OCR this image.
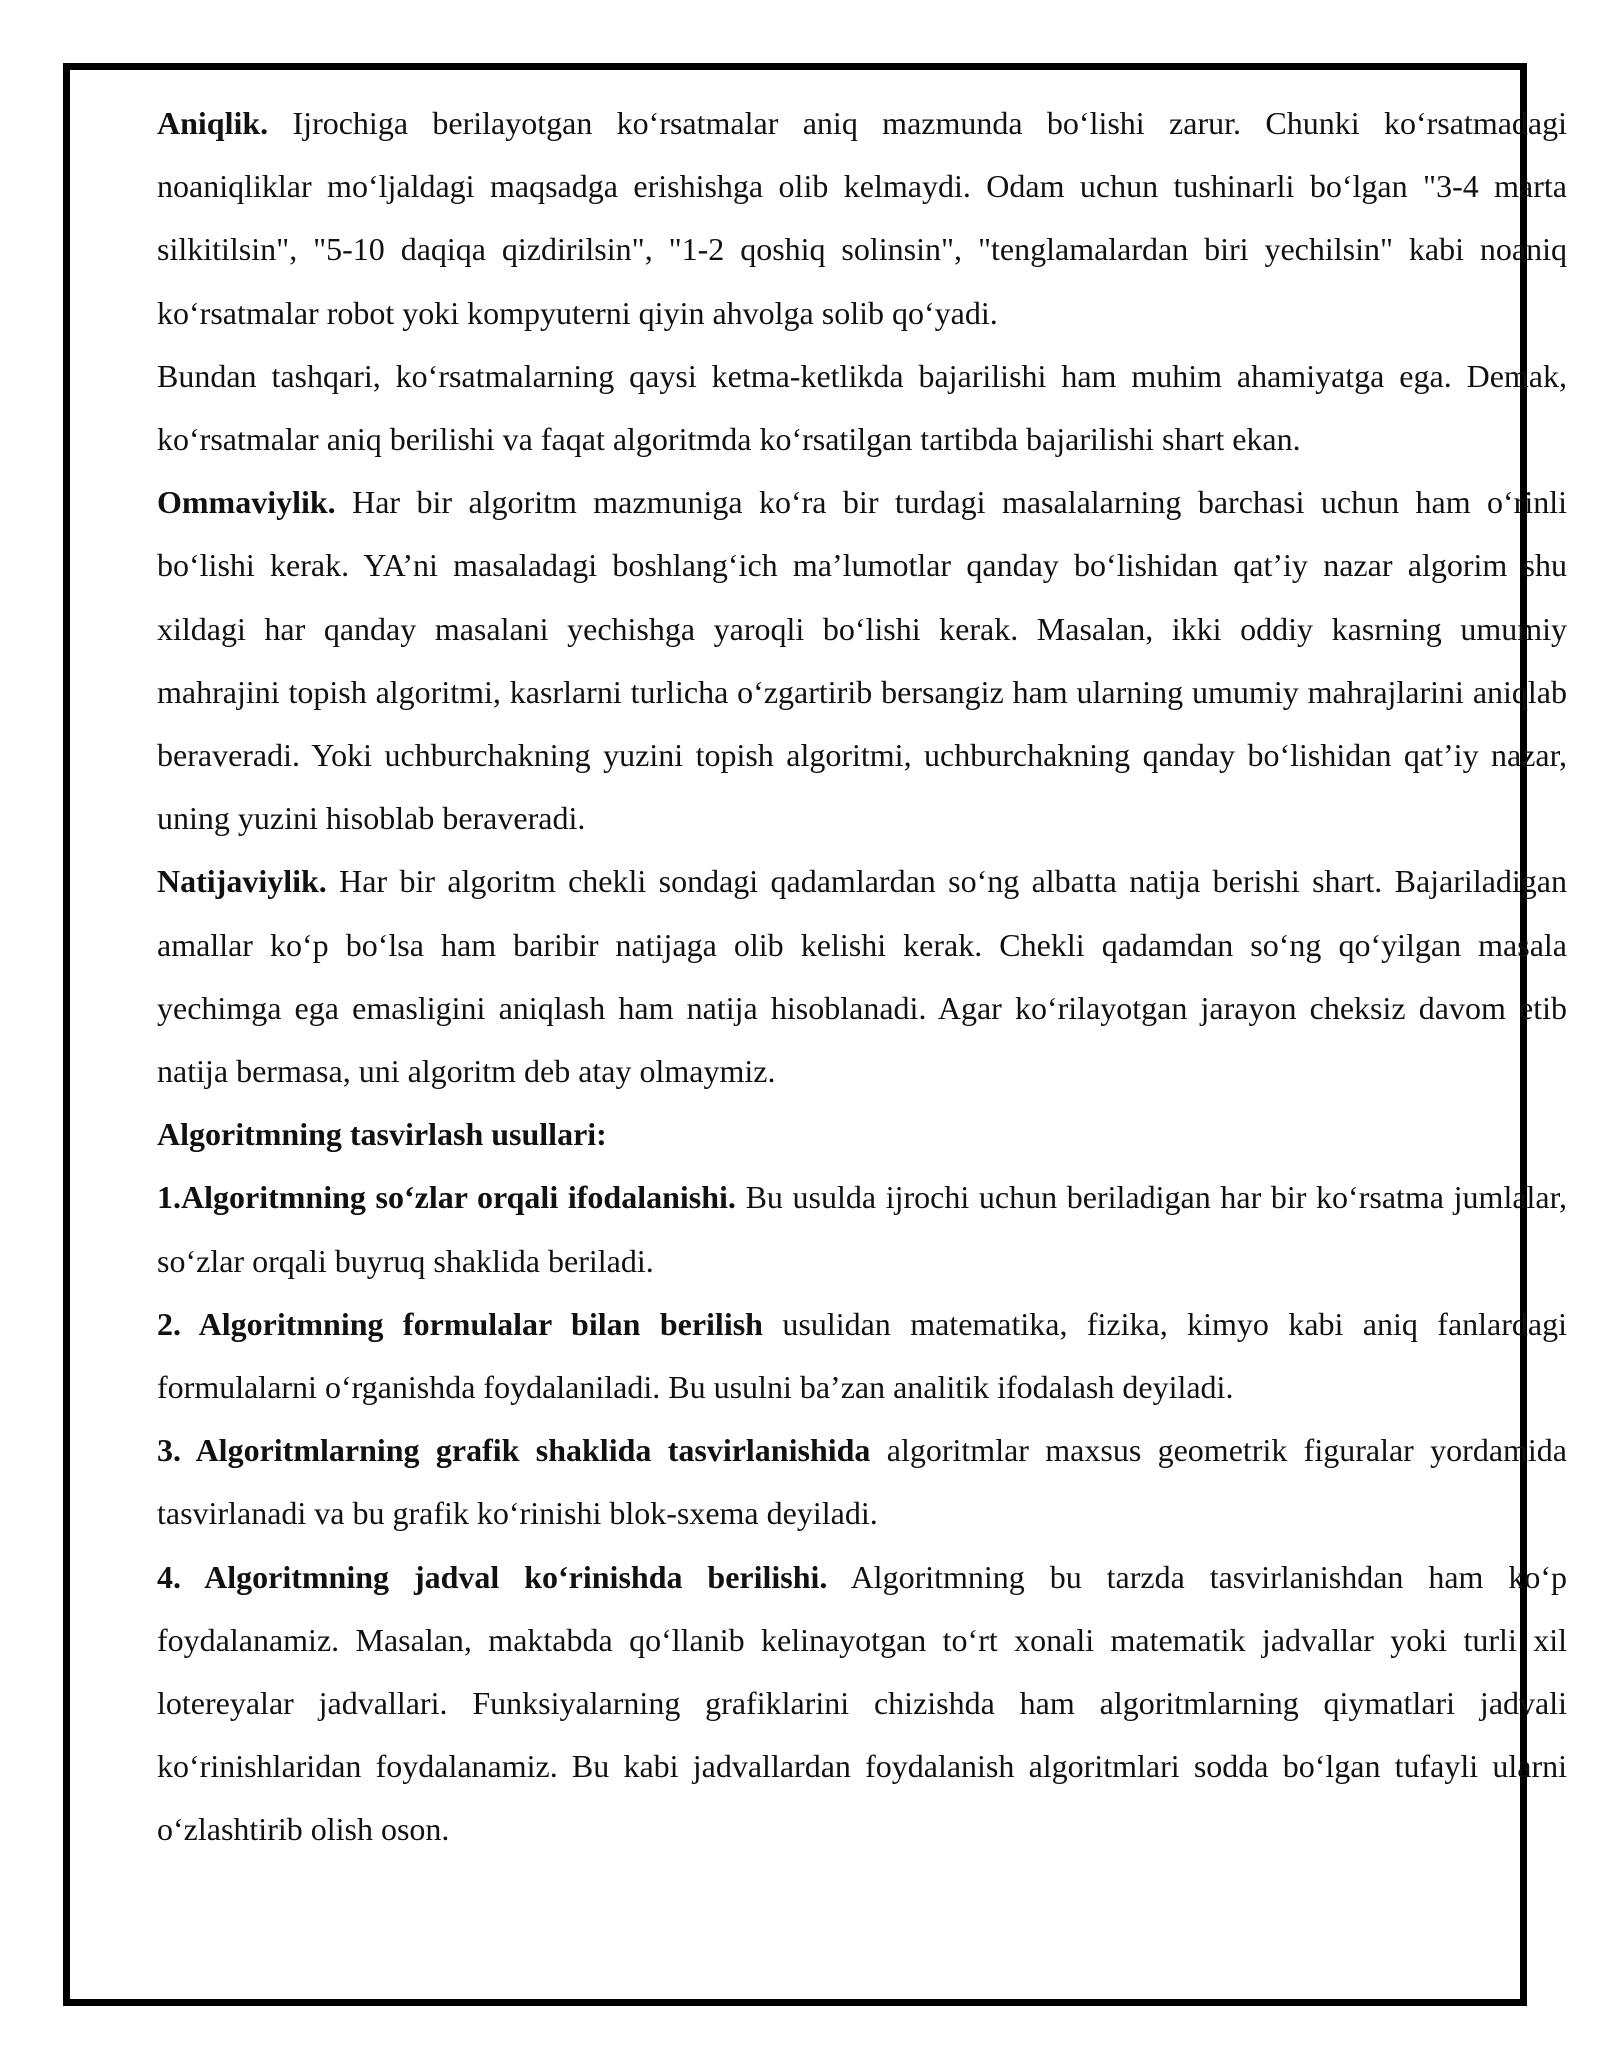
Aniqlik. Ijrochiga berilayotgan ko‘rsatmalar aniq mazmunda bo‘lishi zarur. Chunki ko‘rsatmadagi noaniqliklar mo‘ljaldagi maqsadga erishishga olib kelmaydi. Odam uchun tushinarli bo‘lgan "3-4 marta silkitilsin", "5-10 daqiqa qizdirilsin", "1-2 qoshiq solinsin", "tenglamalardan biri yechilsin" kabi noaniq ko‘rsatmalar robot yoki kompyuterni qiyin ahvolga solib qo‘yadi.

Bundan tashqari, ko‘rsatmalarning qaysi ketma-ketlikda bajarilishi ham muhim ahamiyatga ega. Demak, ko‘rsatmalar aniq berilishi va faqat algoritmda ko‘rsatilgan tartibda bajarilishi shart ekan.

Ommaviylik. Har bir algoritm mazmuniga ko‘ra bir turdagi masalalarning barchasi uchun ham o‘rinli bo‘lishi kerak. YA’ni masaladagi boshlang‘ich ma’lumotlar qanday bo‘lishidan qat’iy nazar algorim shu xildagi har qanday masalani yechishga yaroqli bo‘lishi kerak. Masalan, ikki oddiy kasrning umumiy mahrajini topish algoritmi, kasrlarni turlicha o‘zgartirib bersangiz ham ularning umumiy mahrajlarini aniqlab beraveradi. Yoki uchburchakning yuzini topish algoritmi, uchburchakning qanday bo‘lishidan qat’iy nazar, uning yuzini hisoblab beraveradi.

Natijaviylik. Har bir algoritm chekli sondagi qadamlardan so‘ng albatta natija berishi shart. Bajariladigan amallar ko‘p bo‘lsa ham baribir natijaga olib kelishi kerak. Chekli qadamdan so‘ng qo‘yilgan masala yechimga ega emasligini aniqlash ham natija hisoblanadi. Agar ko‘rilayotgan jarayon cheksiz davom etib natija bermasa, uni algoritm deb atay olmaymiz.

Algoritmning tasvirlash usullari:

1.Algoritmning so‘zlar orqali ifodalanishi. Bu usulda ijrochi uchun beriladigan har bir ko‘rsatma jumlalar, so‘zlar orqali buyruq shaklida beriladi.

2. Algoritmning formulalar bilan berilish usulidan matematika, fizika, kimyo kabi aniq fanlardagi formulalarni o‘rganishda foydalaniladi. Bu usulni ba’zan analitik ifodalash deyiladi.

3. Algoritmlarning grafik shaklida tasvirlanishida algoritmlar maxsus geometrik figuralar yordamida tasvirlanadi va bu grafik ko‘rinishi blok-sxema deyiladi.

4. Algoritmning jadval ko‘rinishda berilishi. Algoritmning bu tarzda tasvirlanishdan ham ko‘p foydalanamiz. Masalan, maktabda qo‘llanib kelinayotgan to‘rt xonali matematik jadvallar yoki turli xil lotereyalar jadvallari. Funksiyalarning grafiklarini chizishda ham algoritmlarning qiymatlari jadvali ko‘rinishlaridan foydalanamiz. Bu kabi jadvallardan foydalanish algoritmlari sodda bo‘lgan tufayli ularni o‘zlashtirib olish oson.
